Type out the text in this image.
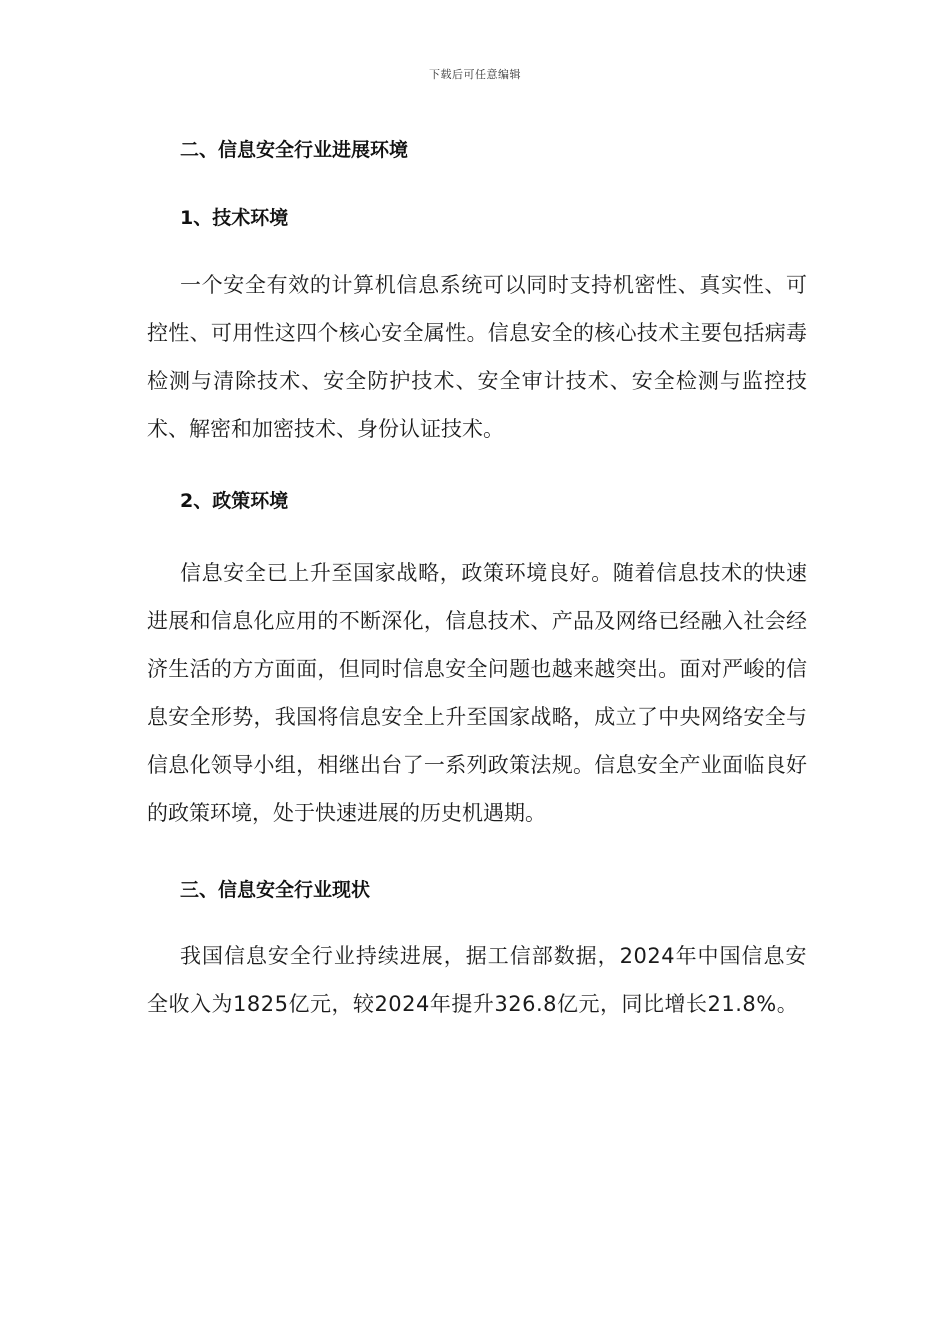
下载后可任意编辑
二、信息安全行业进展环境
1、技术环境

一个安全有效的计算机信息系统可以同时支持机密性、真实性、可控性、可用性这四个核心安全属性。信息安全的核心技术主要包括病毒检测与清除技术、安全防护技术、安全审计技术、安全检测与监控技术、解密和加密技术、身份认证技术。

2、政策环境

信息安全已上升至国家战略，政策环境良好。随着信息技术的快速进展和信息化应用的不断深化，信息技术、产品及网络已经融入社会经济生活的方方面面，但同时信息安全问题也越来越突出。面对严峻的信息安全形势，我国将信息安全上升至国家战略，成立了中央网络安全与信息化领导小组，相继出台了一系列政策法规。信息安全产业面临良好的政策环境，处于快速进展的历史机遇期。

三、信息安全行业现状

我国信息安全行业持续进展，据工信部数据，2024年中国信息安全收入为1825亿元，较2024年提升326.8亿元，同比增长21.8%。
